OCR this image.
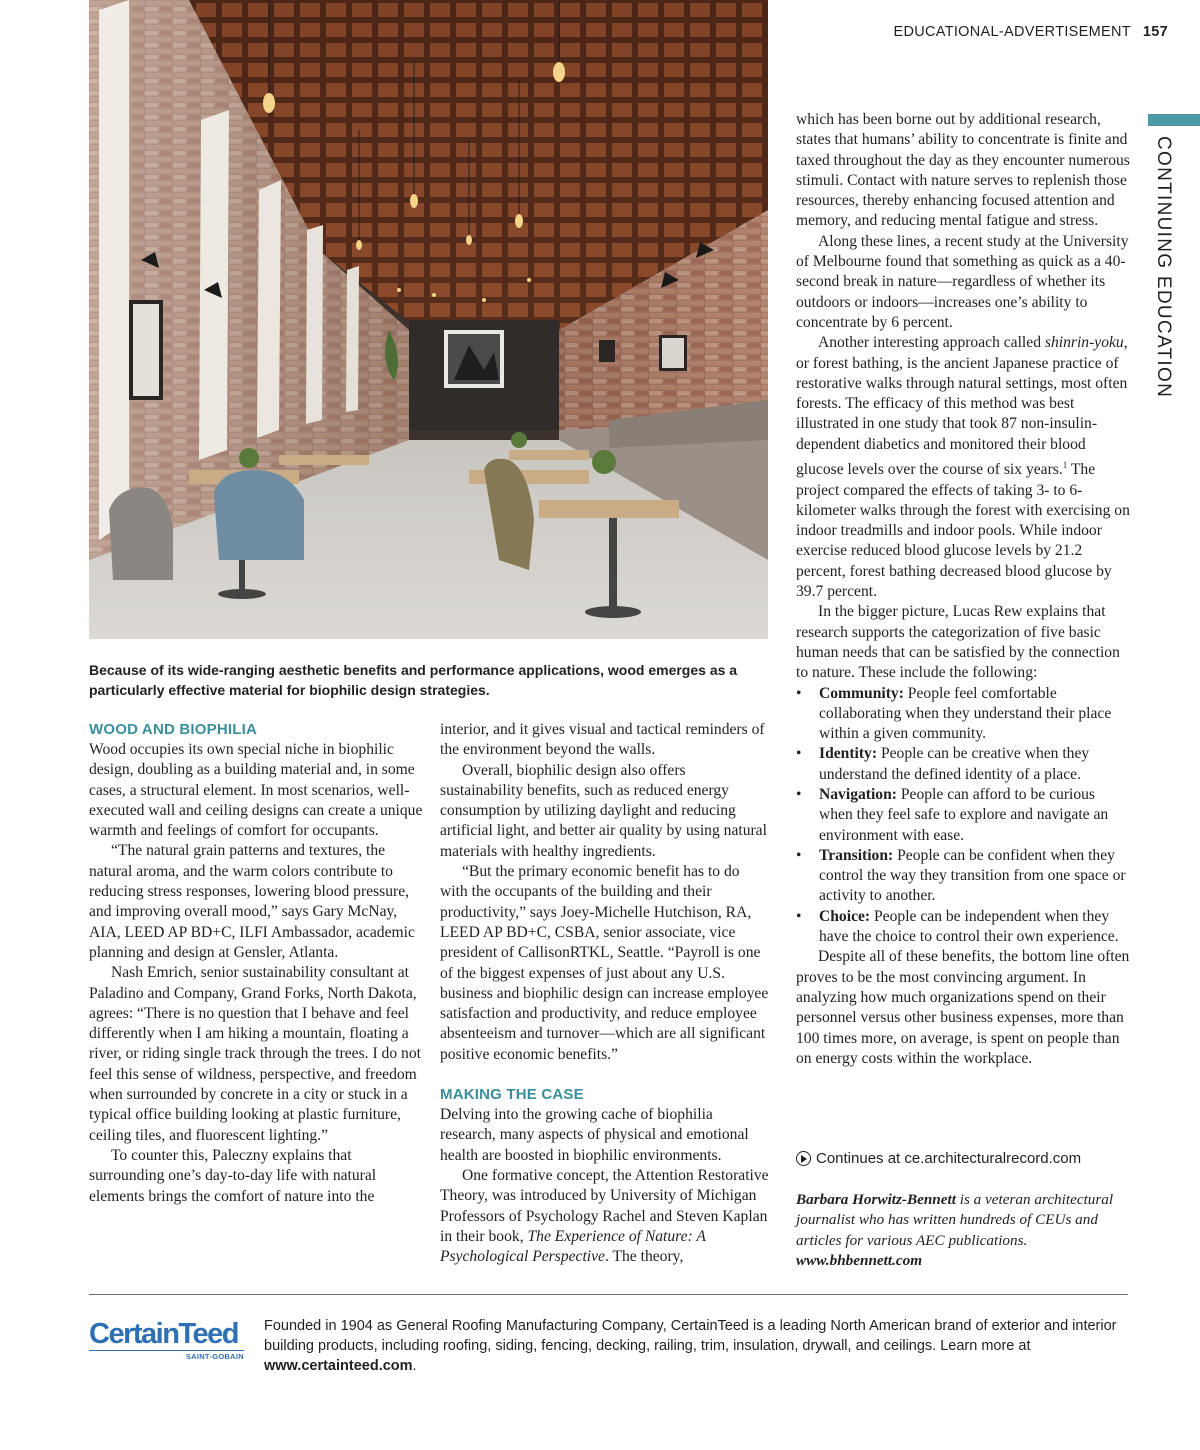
EDUCATIONAL-ADVERTISEMENT 157
CONTINUING EDUCATION
Because of its wide-ranging aesthetic benefits and performance applications, wood emerges as a particularly effective material for biophilic design strategies.

WOOD AND BIOPHILIA

Wood occupies its own special niche in biophilic design, doubling as a building material and, in some cases, a structural element. In most scenarios, well-executed wall and ceiling designs can create a unique warmth and feelings of comfort for occupants.

“The natural grain patterns and textures, the natural aroma, and the warm colors contribute to reducing stress responses, lowering blood pressure, and improving overall mood,” says Gary McNay, AIA, LEED AP BD+C, ILFI Ambassador, academic planning and design at Gensler, Atlanta.

Nash Emrich, senior sustainability consultant at Paladino and Company, Grand Forks, North Dakota, agrees: “There is no question that I behave and feel differently when I am hiking a mountain, floating a river, or riding single track through the trees. I do not feel this sense of wildness, perspective, and freedom when surrounded by concrete in a city or stuck in a typical office building looking at plastic furniture, ceiling tiles, and fluorescent lighting.”

To counter this, Paleczny explains that surrounding one’s day-to-day life with natural elements brings the comfort of nature into the

interior, and it gives visual and tactical reminders of the environment beyond the walls.

Overall, biophilic design also offers sustainability benefits, such as reduced energy consumption by utilizing daylight and reducing artificial light, and better air quality by using natural materials with healthy ingredients.

“But the primary economic benefit has to do with the occupants of the building and their productivity,” says Joey-Michelle Hutchison, RA, LEED AP BD+C, CSBA, senior associate, vice president of CallisonRTKL, Seattle. “Payroll is one of the biggest expenses of just about any U.S. business and biophilic design can increase employee satisfaction and productivity, and reduce employee absenteeism and turnover—which are all significant positive economic benefits.”

MAKING THE CASE

Delving into the growing cache of biophilia research, many aspects of physical and emotional health are boosted in biophilic environments.

One formative concept, the Attention Restorative Theory, was introduced by University of Michigan Professors of Psychology Rachel and Steven Kaplan in their book, The Experience of Nature: A Psychological Perspective. The theory,

which has been borne out by additional research, states that humans’ ability to concentrate is finite and taxed throughout the day as they encounter numerous stimuli. Contact with nature serves to replenish those resources, thereby enhancing focused attention and memory, and reducing mental fatigue and stress.

Along these lines, a recent study at the University of Melbourne found that something as quick as a 40-second break in nature—regardless of whether its outdoors or indoors—increases one’s ability to concentrate by 6 percent.

Another interesting approach called shinrin-yoku, or forest bathing, is the ancient Japanese practice of restorative walks through natural settings, most often forests. The efficacy of this method was best illustrated in one study that took 87 non-insulin-dependent diabetics and monitored their blood glucose levels over the course of six years.$^1$ The project compared the effects of taking 3- to 6-kilometer walks through the forest with exercising on indoor treadmills and indoor pools. While indoor exercise reduced blood glucose levels by 21.2 percent, forest bathing decreased blood glucose by 39.7 percent.

In the bigger picture, Lucas Rew explains that research supports the categorization of five basic human needs that can be satisfied by the connection to nature. These include the following:

• Community: People feel comfortable collaborating when they understand their place within a given community.
• Identity: People can be creative when they understand the defined identity of a place.
• Navigation: People can afford to be curious when they feel safe to explore and navigate an environment with ease.
• Transition: People can be confident when they control the way they transition from one space or activity to another.
• Choice: People can be independent when they have the choice to control their own experience.

Despite all of these benefits, the bottom line often proves to be the most convincing argument. In analyzing how much organizations spend on their personnel versus other business expenses, more than 100 times more, on average, is spent on people than on energy costs within the workplace.

Continues at ce.architecturalrecord.com
Barbara Horwitz-Bennett is a veteran architectural journalist who has written hundreds of CEUs and articles for various AEC publications.
www.bhbennett.com
CertainTeed
SAINT-GOBAIN
Founded in 1904 as General Roofing Manufacturing Company, CertainTeed is a leading North American brand of exterior and interior building products, including roofing, siding, fencing, decking, railing, trim, insulation, drywall, and ceilings. Learn more at www.certainteed.com.
